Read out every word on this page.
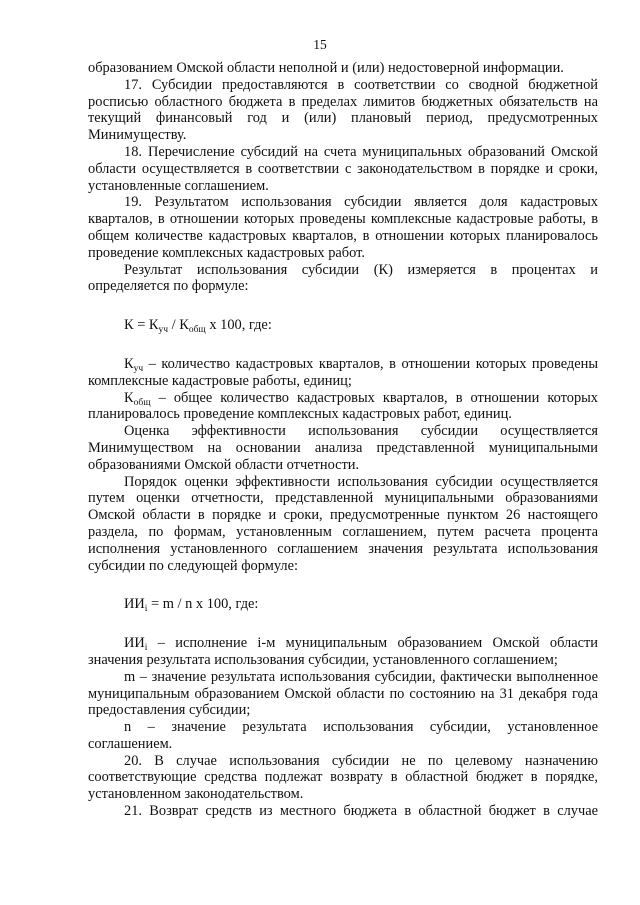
15

образованием Омской области неполной и (или) недостоверной информации.

17. Субсидии предоставляются в соответствии со сводной бюджетной росписью областного бюджета в пределах лимитов бюджетных обязательств на текущий финансовый год и (или) плановый период, предусмотренных Минимуществу.

18. Перечисление субсидий на счета муниципальных образований Омской области осуществляется в соответствии с законодательством в порядке и сроки, установленные соглашением.

19. Результатом использования субсидии является доля кадастровых кварталов, в отношении которых проведены комплексные кадастровые работы, в общем количестве кадастровых кварталов, в отношении которых планировалось проведение комплексных кадастровых работ.

Результат использования субсидии (К) измеряется в процентах и определяется по формуле:

$К = К_{уч} / К_{общ}$ х 100, где:

$К_{уч}$ – количество кадастровых кварталов, в отношении которых проведены комплексные кадастровые работы, единиц;

$К_{общ}$ – общее количество кадастровых кварталов, в отношении которых планировалось проведение комплексных кадастровых работ, единиц.

Оценка эффективности использования субсидии осуществляется Минимуществом на основании анализа представленной муниципальными образованиями Омской области отчетности.

Порядок оценки эффективности использования субсидии осуществляется путем оценки отчетности, представленной муниципальными образованиями Омской области в порядке и сроки, предусмотренные пунктом 26 настоящего раздела, по формам, установленным соглашением, путем расчета процента исполнения установленного соглашением значения результата использования субсидии по следующей формуле:

$ИИ_i = m / n$ х 100, где:

$ИИ_i$ – исполнение i-м муниципальным образованием Омской области значения результата использования субсидии, установленного соглашением;

m – значение результата использования субсидии, фактически выполненное муниципальным образованием Омской области по состоянию на 31 декабря года предоставления субсидии;

n – значение результата использования субсидии, установленное соглашением.

20. В случае использования субсидии не по целевому назначению соответствующие средства подлежат возврату в областной бюджет в порядке, установленном законодательством.

21. Возврат средств из местного бюджета в областной бюджет в случае
